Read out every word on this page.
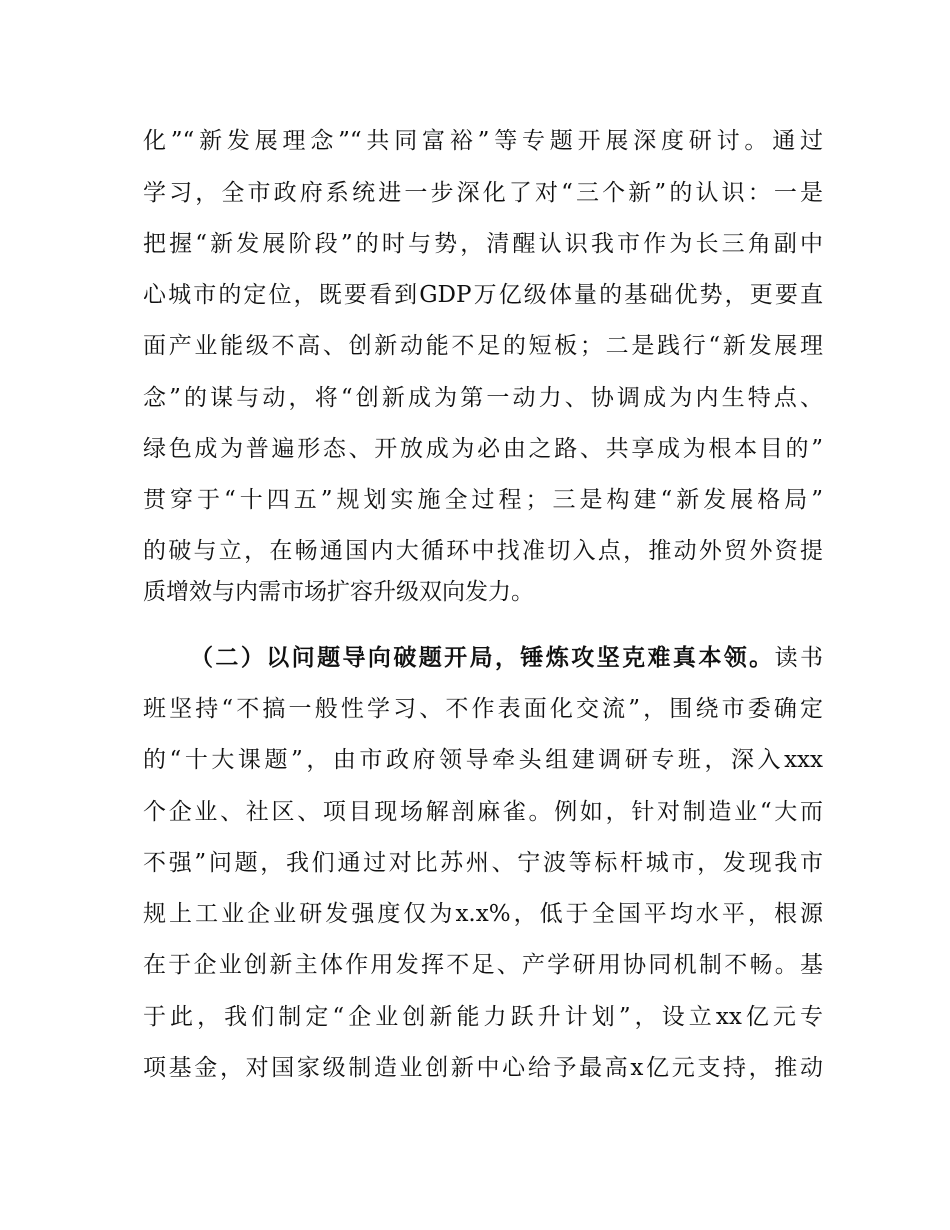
化”“新发展理念”“共同富裕”等专题开展深度研讨。通过
学习，全市政府系统进一步深化了对“三个新”的认识：一是
把握“新发展阶段”的时与势，清醒认识我市作为长三角副中
心城市的定位，既要看到GDP万亿级体量的基础优势，更要直
面产业能级不高、创新动能不足的短板；二是践行“新发展理
念”的谋与动，将“创新成为第一动力、协调成为内生特点、
绿色成为普遍形态、开放成为必由之路、共享成为根本目的”
贯穿于“十四五”规划实施全过程；三是构建“新发展格局”
的破与立，在畅通国内大循环中找准切入点，推动外贸外资提
质增效与内需市场扩容升级双向发力。
（二）以问题导向破题开局，锤炼攻坚克难真本领。读书
班坚持“不搞一般性学习、不作表面化交流”，围绕市委确定
的“十大课题”，由市政府领导牵头组建调研专班，深入xxx
个企业、社区、项目现场解剖麻雀。例如，针对制造业“大而
不强”问题，我们通过对比苏州、宁波等标杆城市，发现我市
规上工业企业研发强度仅为x.x%，低于全国平均水平，根源
在于企业创新主体作用发挥不足、产学研用协同机制不畅。基
于此，我们制定“企业创新能力跃升计划”，设立xx亿元专
项基金，对国家级制造业创新中心给予最高x亿元支持，推动
